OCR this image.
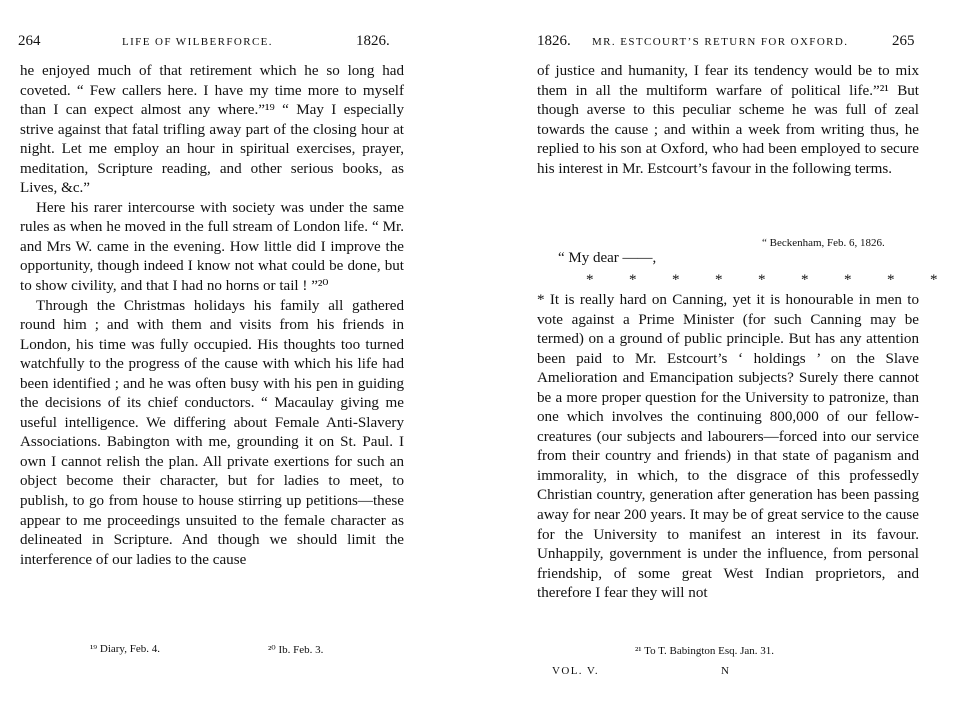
264	LIFE OF WILBERFORCE.	1826.

he enjoyed much of that retirement which he so long had coveted. “ Few callers here. I have my time more to myself than I can expect almost any where.”¹⁹ “ May I especially strive against that fatal trifling away part of the closing hour at night. Let me employ an hour in spiritual exercises, prayer, meditation, Scripture reading, and other serious books, as Lives, &c.”

Here his rarer intercourse with society was under the same rules as when he moved in the full stream of London life. “ Mr. and Mrs W. came in the evening. How little did I improve the opportunity, though indeed I know not what could be done, but to show civility, and that I had no horns or tail ! ”²⁰

Through the Christmas holidays his family all gathered round him ; and with them and visits from his friends in London, his time was fully occupied. His thoughts too turned watchfully to the progress of the cause with which his life had been identified ; and he was often busy with his pen in guiding the decisions of its chief conductors. “ Macaulay giving me useful intelligence. We differing about Female Anti-Slavery Associations. Babington with me, grounding it on St. Paul. I own I cannot relish the plan. All private exertions for such an object become their character, but for ladies to meet, to publish, to go from house to house stirring up petitions—these appear to me proceedings unsuited to the female character as delineated in Scripture. And though we should limit the interference of our ladies to the cause

¹⁹ Diary, Feb. 4.	²⁰ Ib. Feb. 3.
1826. MR. ESTCOURT’S RETURN FOR OXFORD.	265
of justice and humanity, I fear its tendency would be to mix them in all the multiform warfare of political life.”²¹ But though averse to this peculiar scheme he was full of zeal towards the cause ; and within a week from writing thus, he replied to his son at Oxford, who had been employed to secure his interest in Mr. Estcourt’s favour in the following terms.
“ Beckenham, Feb. 6, 1826.
“ My dear ——,
*  *  *  *  *  *  *  *  *
* It is really hard on Canning, yet it is honourable in men to vote against a Prime Minister (for such Canning may be termed) on a ground of public principle. But has any attention been paid to Mr. Estcourt’s ‘ holdings ’ on the Slave Amelioration and Emancipation subjects? Surely there cannot be a more proper question for the University to patronize, than one which involves the continuing 800,000 of our fellow-creatures (our subjects and labourers—forced into our service from their country and friends) in that state of paganism and immorality, in which, to the disgrace of this professedly Christian country, generation after generation has been passing away for near 200 years. It may be of great service to the cause for the University to manifest an interest in its favour. Unhappily, government is under the influence, from personal friendship, of some great West Indian proprietors, and therefore I fear they will not
²¹ To T. Babington Esq. Jan. 31.
VOL. V.	N
